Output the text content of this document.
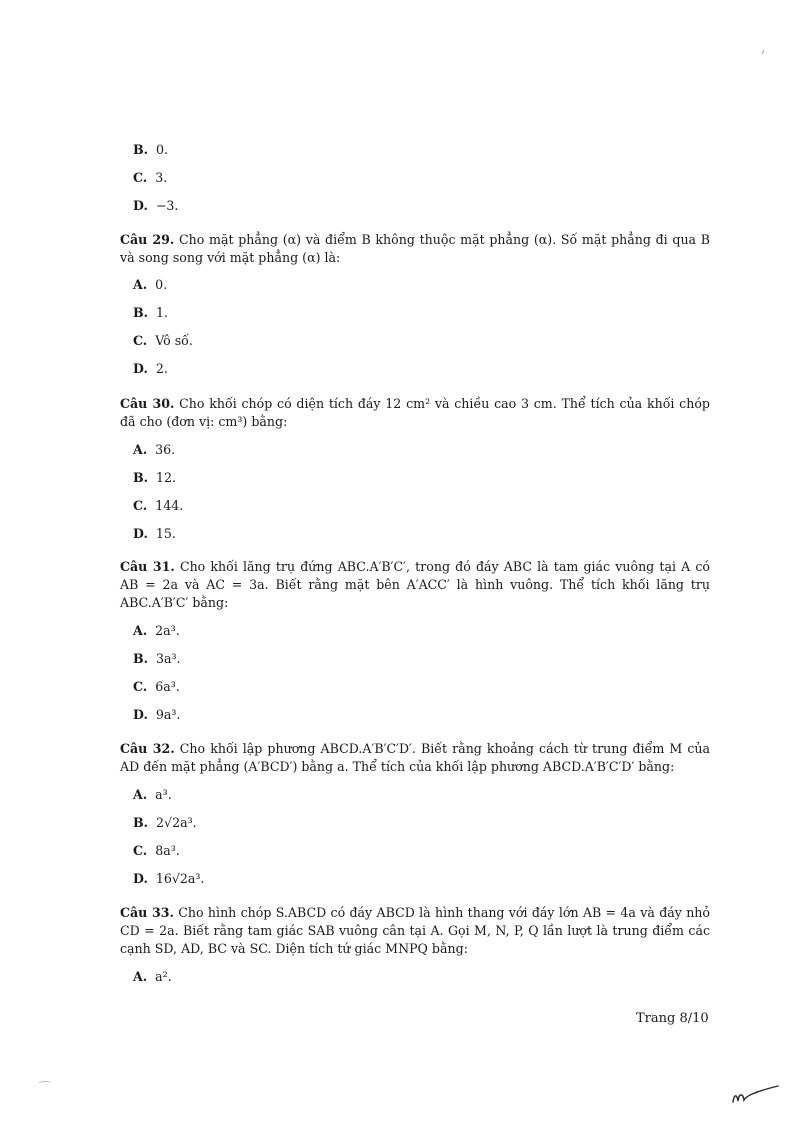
B. 0.
C. 3.
D. −3.
Câu 29. Cho mặt phẳng (α) và điểm B không thuộc mặt phẳng (α). Số mặt phẳng đi qua B và song song với mặt phẳng (α) là:
A. 0.
B. 1.
C. Vô số.
D. 2.
Câu 30. Cho khối chóp có diện tích đáy 12 cm² và chiều cao 3 cm. Thể tích của khối chóp đã cho (đơn vị: cm³) bằng:
A. 36.
B. 12.
C. 144.
D. 15.
Câu 31. Cho khối lăng trụ đứng ABC.A′B′C′, trong đó đáy ABC là tam giác vuông tại A có AB = 2a và AC = 3a. Biết rằng mặt bên A′ACC′ là hình vuông. Thể tích khối lăng trụ ABC.A′B′C′ bằng:
A. 2a³.
B. 3a³.
C. 6a³.
D. 9a³.
Câu 32. Cho khối lập phương ABCD.A′B′C′D′. Biết rằng khoảng cách từ trung điểm M của AD đến mặt phẳng (A′BCD′) bằng a. Thể tích của khối lập phương ABCD.A′B′C′D′ bằng:
A. a³.
B. 2√2a³.
C. 8a³.
D. 16√2a³.
Câu 33. Cho hình chóp S.ABCD có đáy ABCD là hình thang với đáy lớn AB = 4a và đáy nhỏ CD = 2a. Biết rằng tam giác SAB vuông cân tại A. Gọi M, N, P, Q lần lượt là trung điểm các cạnh SD, AD, BC và SC. Diện tích tứ giác MNPQ bằng:
A. a².
Trang 8/10
